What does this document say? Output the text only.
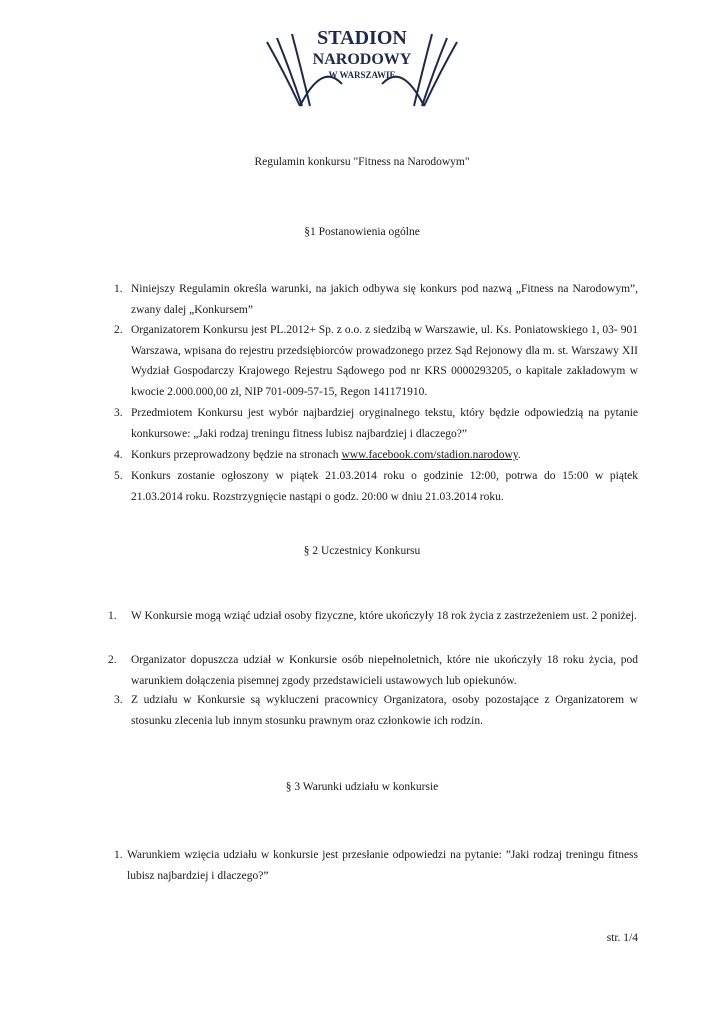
STADION
NARODOWY
W WARSZAWIE
Regulamin konkursu "Fitness na Narodowym"
§1 Postanowienia ogólne
1. Niniejszy Regulamin określa warunki, na jakich odbywa się konkurs pod nazwą „Fitness na Narodowym”, zwany dalej „Konkursem”
2. Organizatorem Konkursu jest PL.2012+ Sp. z o.o. z siedzibą w Warszawie, ul. Ks. Poniatowskiego 1, 03- 901 Warszawa, wpisana do rejestru przedsiębiorców prowadzonego przez Sąd Rejonowy dla m. st. Warszawy XII Wydział Gospodarczy Krajowego Rejestru Sądowego pod nr KRS 0000293205, o kapitale zakładowym w kwocie 2.000.000,00 zł, NIP 701-009-57-15, Regon 141171910.
3. Przedmiotem Konkursu jest wybór najbardziej oryginalnego tekstu, który będzie odpowiedzią na pytanie konkursowe: „Jaki rodzaj treningu fitness lubisz najbardziej i dlaczego?”
4. Konkurs przeprowadzony będzie na stronach www.facebook.com/stadion.narodowy.
5. Konkurs zostanie ogłoszony w piątek 21.03.2014 roku o godzinie 12:00, potrwa do 15:00 w piątek 21.03.2014 roku. Rozstrzygnięcie nastąpi o godz. 20:00 w dniu 21.03.2014 roku.
§ 2 Uczestnicy Konkursu
1. W Konkursie mogą wziąć udział osoby fizyczne, które ukończyły 18 rok życia z zastrzeżeniem ust. 2 poniżej.
2. Organizator dopuszcza udział w Konkursie osób niepełnoletnich, które nie ukończyły 18 roku życia, pod warunkiem dołączenia pisemnej zgody przedstawicieli ustawowych lub opiekunów.
3. Z udziału w Konkursie są wykluczeni pracownicy Organizatora, osoby pozostające z Organizatorem w stosunku zlecenia lub innym stosunku prawnym oraz członkowie ich rodzin.
§ 3 Warunki udziału w konkursie
1. Warunkiem wzięcia udziału w konkursie jest przesłanie odpowiedzi na pytanie: ”Jaki rodzaj treningu fitness lubisz najbardziej i dlaczego?”
str. 1/4
